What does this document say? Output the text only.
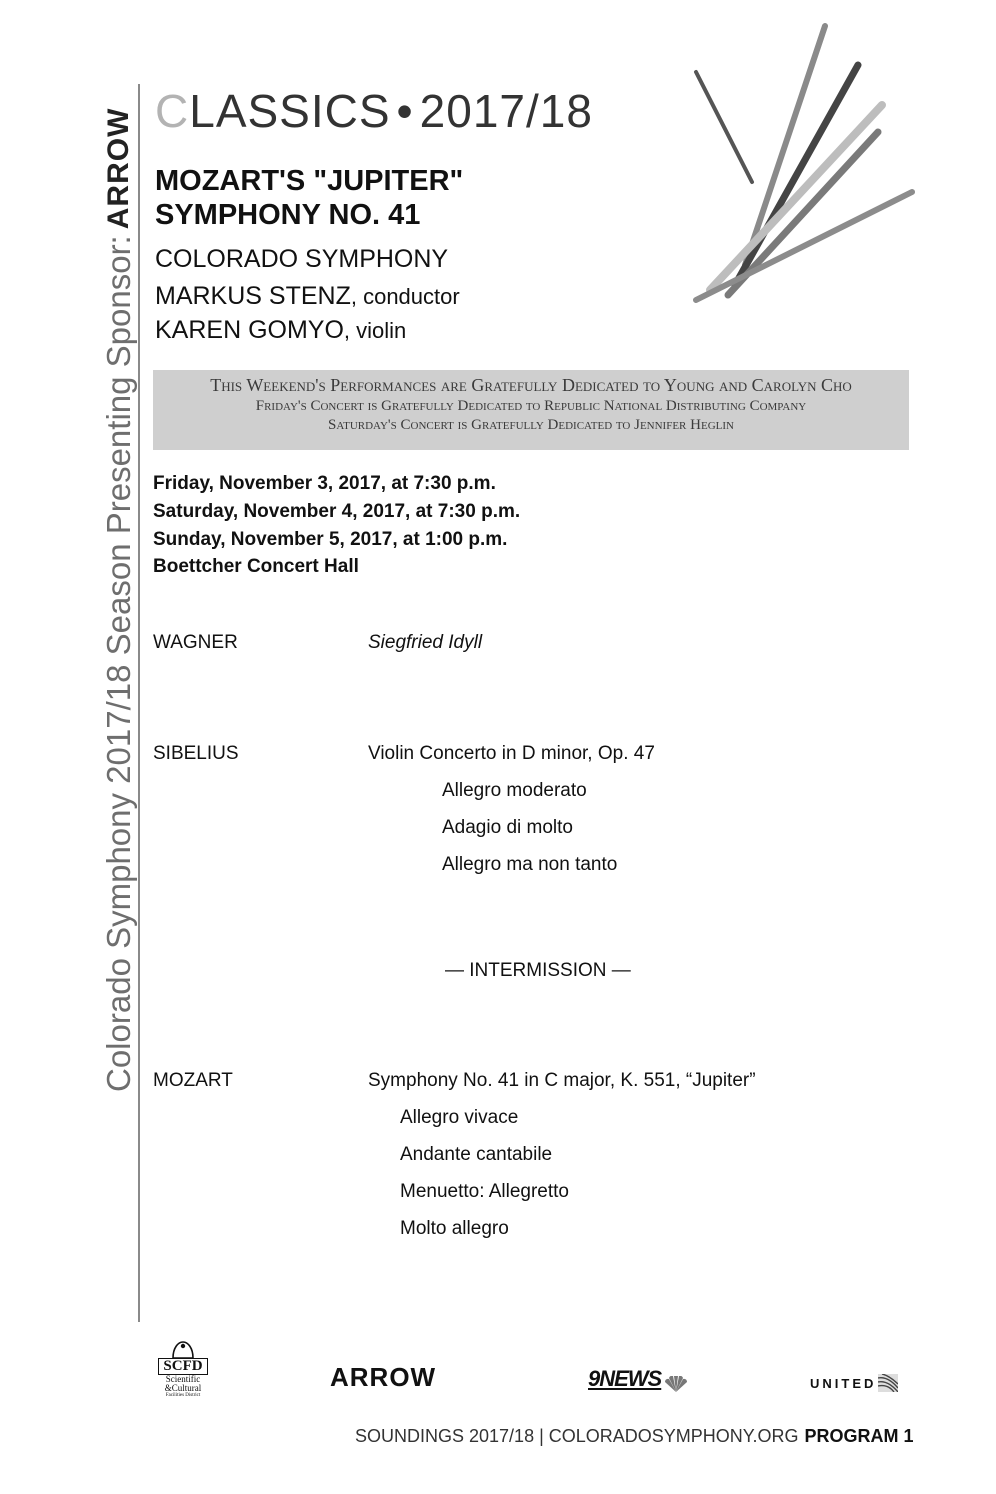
Colorado Symphony 2017/18 Season Presenting Sponsor:
ARROW CLASSICS • 2017/18
MOZART'S "JUPITER"
SYMPHONY NO. 41
COLORADO SYMPHONY
MARKUS STENZ, conductor
KAREN GOMYO, violin
This Weekend's Performances are Gratefully Dedicated to Young and Carolyn Cho
Friday's Concert is Gratefully Dedicated to Republic National Distributing Company
Saturday's Concert is Gratefully Dedicated to Jennifer Heglin
Friday, November 3, 2017, at 7:30 p.m.
Saturday, November 4, 2017, at 7:30 p.m.
Sunday, November 5, 2017, at 1:00 p.m.
Boettcher Concert Hall
WAGNER	Siegfried Idyll
SIBELIUS	Violin Concerto in D minor, Op. 47
Allegro moderato
Adagio di molto
Allegro ma non tanto
— INTERMISSION —
MOZART	Symphony No. 41 in C major, K. 551, “Jupiter”
Allegro vivace
Andante cantabile
Menuetto: Allegretto
Molto allegro
SCFD
Scientific
&Cultural
Facilities District
ARROW	9NEWS	UNITED
SOUNDINGS 2017/18 | COLORADOSYMPHONY.ORG PROGRAM 1
